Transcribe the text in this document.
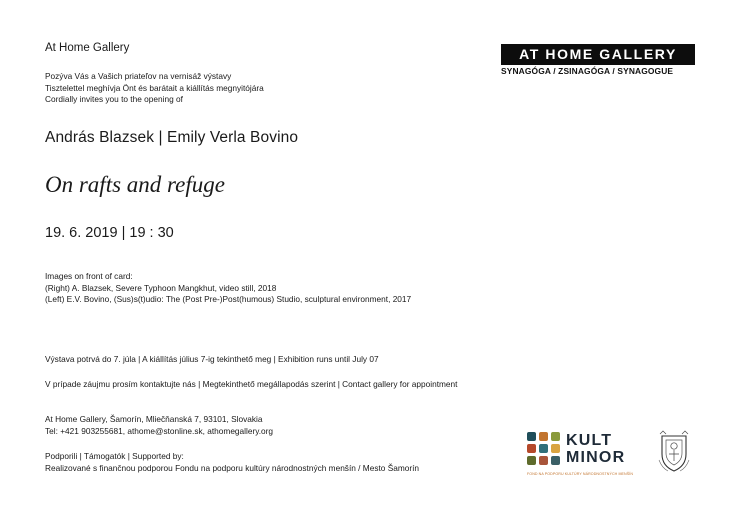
At Home Gallery
Pozýva Vás a Vašich priateľov na vernisáž výstavy
Tisztelettel meghívja Önt és barátait a kiállítás megnyitójára
Cordially invites you to the opening of
AT HOME GALLERY
SYNAGÓGA / ZSINAGÓGA / SYNAGOGUE
András Blazsek | Emily Verla Bovino
On rafts and refuge
19. 6. 2019 | 19 : 30
Images on front of card:
(Right) A. Blazsek, Severe Typhoon Mangkhut, video still, 2018
(Left) E.V. Bovino, (Sus)s(t)udio: The (Post Pre-)Post(humous) Studio, sculptural environment, 2017
Výstava potrvá do 7. júla | A kiállítás július 7-ig tekinthető meg | Exhibition runs until July 07
V prípade záujmu prosím kontaktujte nás | Megtekinthető megállapodás szerint | Contact gallery for appointment
At Home Gallery, Šamorín, Mliečňanská 7, 93101, Slovakia
Tel: +421 903255681, athome@stonline.sk, athomegallery.org
Podporili | Támogatók | Supported by:
Realizované s finančnou podporou Fondu na podporu kultúry národnostných menšín / Mesto Šamorín
KULT
MINOR
FOND NA PODPORU KULTÚRY NÁRODNOSTNÝCH MENŠÍN
